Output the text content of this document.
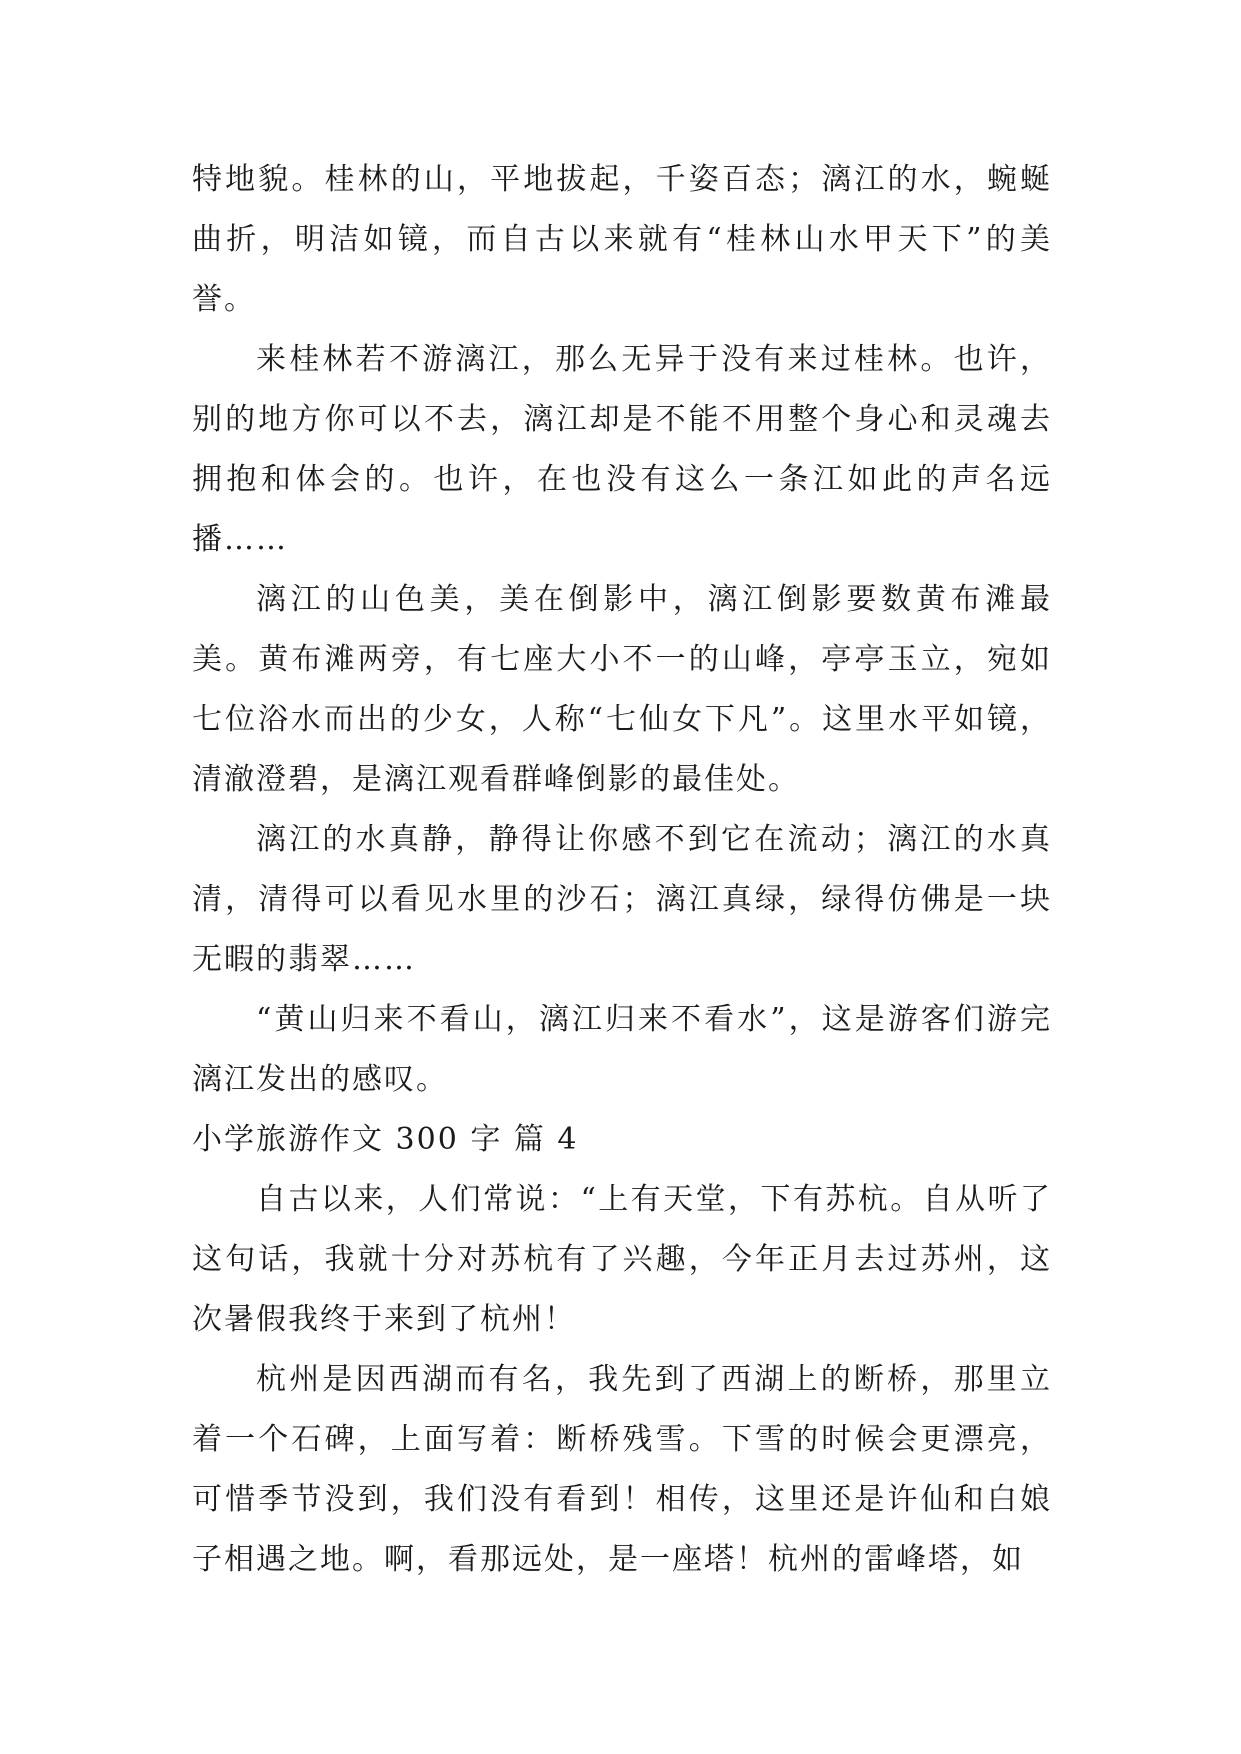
特地貌。桂林的山，平地拔起，千姿百态；漓江的水，蜿蜒曲折，明洁如镜，而自古以来就有“桂林山水甲天下”的美誉。

来桂林若不游漓江，那么无异于没有来过桂林。也许，别的地方你可以不去，漓江却是不能不用整个身心和灵魂去拥抱和体会的。也许，在也没有这么一条江如此的声名远播……

漓江的山色美，美在倒影中，漓江倒影要数黄布滩最美。黄布滩两旁，有七座大小不一的山峰，亭亭玉立，宛如七位浴水而出的少女，人称“七仙女下凡”。这里水平如镜，清澈澄碧，是漓江观看群峰倒影的最佳处。

漓江的水真静，静得让你感不到它在流动；漓江的水真清，清得可以看见水里的沙石；漓江真绿，绿得仿佛是一块无暇的翡翠……

“黄山归来不看山，漓江归来不看水”，这是游客们游完漓江发出的感叹。

小学旅游作文 300 字 篇 4

自古以来，人们常说：“上有天堂，下有苏杭。自从听了这句话，我就十分对苏杭有了兴趣，今年正月去过苏州，这次暑假我终于来到了杭州！

杭州是因西湖而有名，我先到了西湖上的断桥，那里立着一个石碑，上面写着：断桥残雪。下雪的时候会更漂亮，可惜季节没到，我们没有看到！相传，这里还是许仙和白娘子相遇之地。啊，看那远处，是一座塔！杭州的雷峰塔，如
